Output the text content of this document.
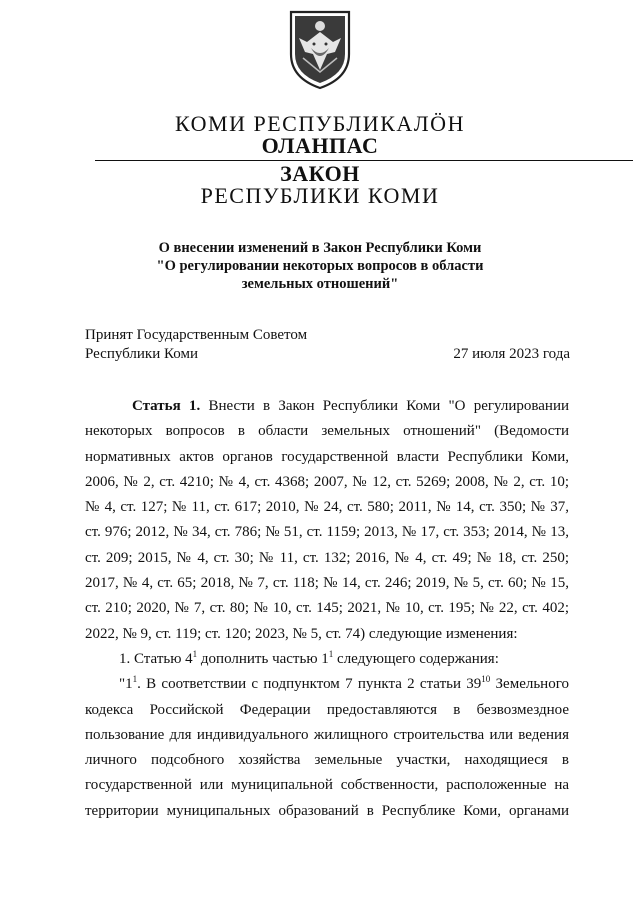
КОМИ РЕСПУБЛИКАЛӦН
ОЛАНПАС
ЗАКОН
РЕСПУБЛИКИ КОМИ
О внесении изменений в Закон Республики Коми
"О регулировании некоторых вопросов в области
земельных отношений"
Принят Государственным Советом
Республики Коми	27 июля 2023 года

Статья 1. Внести в Закон Республики Коми "О регулировании

некоторых вопросов в области земельных отношений" (Ведомости

нормативных актов органов государственной власти Республики Коми,

2006, № 2, ст. 4210; № 4, ст. 4368; 2007, № 12, ст. 5269; 2008, № 2, ст. 10;

№ 4, ст. 127; № 11, ст. 617; 2010, № 24, ст. 580; 2011, № 14, ст. 350; № 37,

ст. 976; 2012, № 34, ст. 786; № 51, ст. 1159; 2013, № 17, ст. 353; 2014, № 13,

ст. 209; 2015, № 4, ст. 30; № 11, ст. 132; 2016, № 4, ст. 49; № 18, ст. 250;

2017, № 4, ст. 65; 2018, № 7, ст. 118; № 14, ст. 246; 2019, № 5, ст. 60; № 15,

ст. 210; 2020, № 7, ст. 80; № 10, ст. 145; 2021, № 10, ст. 195; № 22, ст. 402;

2022, № 9, ст. 119; ст. 120; 2023, № 5, ст. 74) следующие изменения:

1. Статью $4^1$ дополнить частью $1^1$ следующего содержания:

"$1^1$. В соответствии с подпунктом 7 пункта 2 статьи $39^{10}$ Земельного

кодекса Российской Федерации предоставляются в безвозмездное

пользование для индивидуального жилищного строительства или ведения

личного подсобного хозяйства земельные участки, находящиеся в

государственной или муниципальной собственности, расположенные на

территории муниципальных образований в Республике Коми, органами
